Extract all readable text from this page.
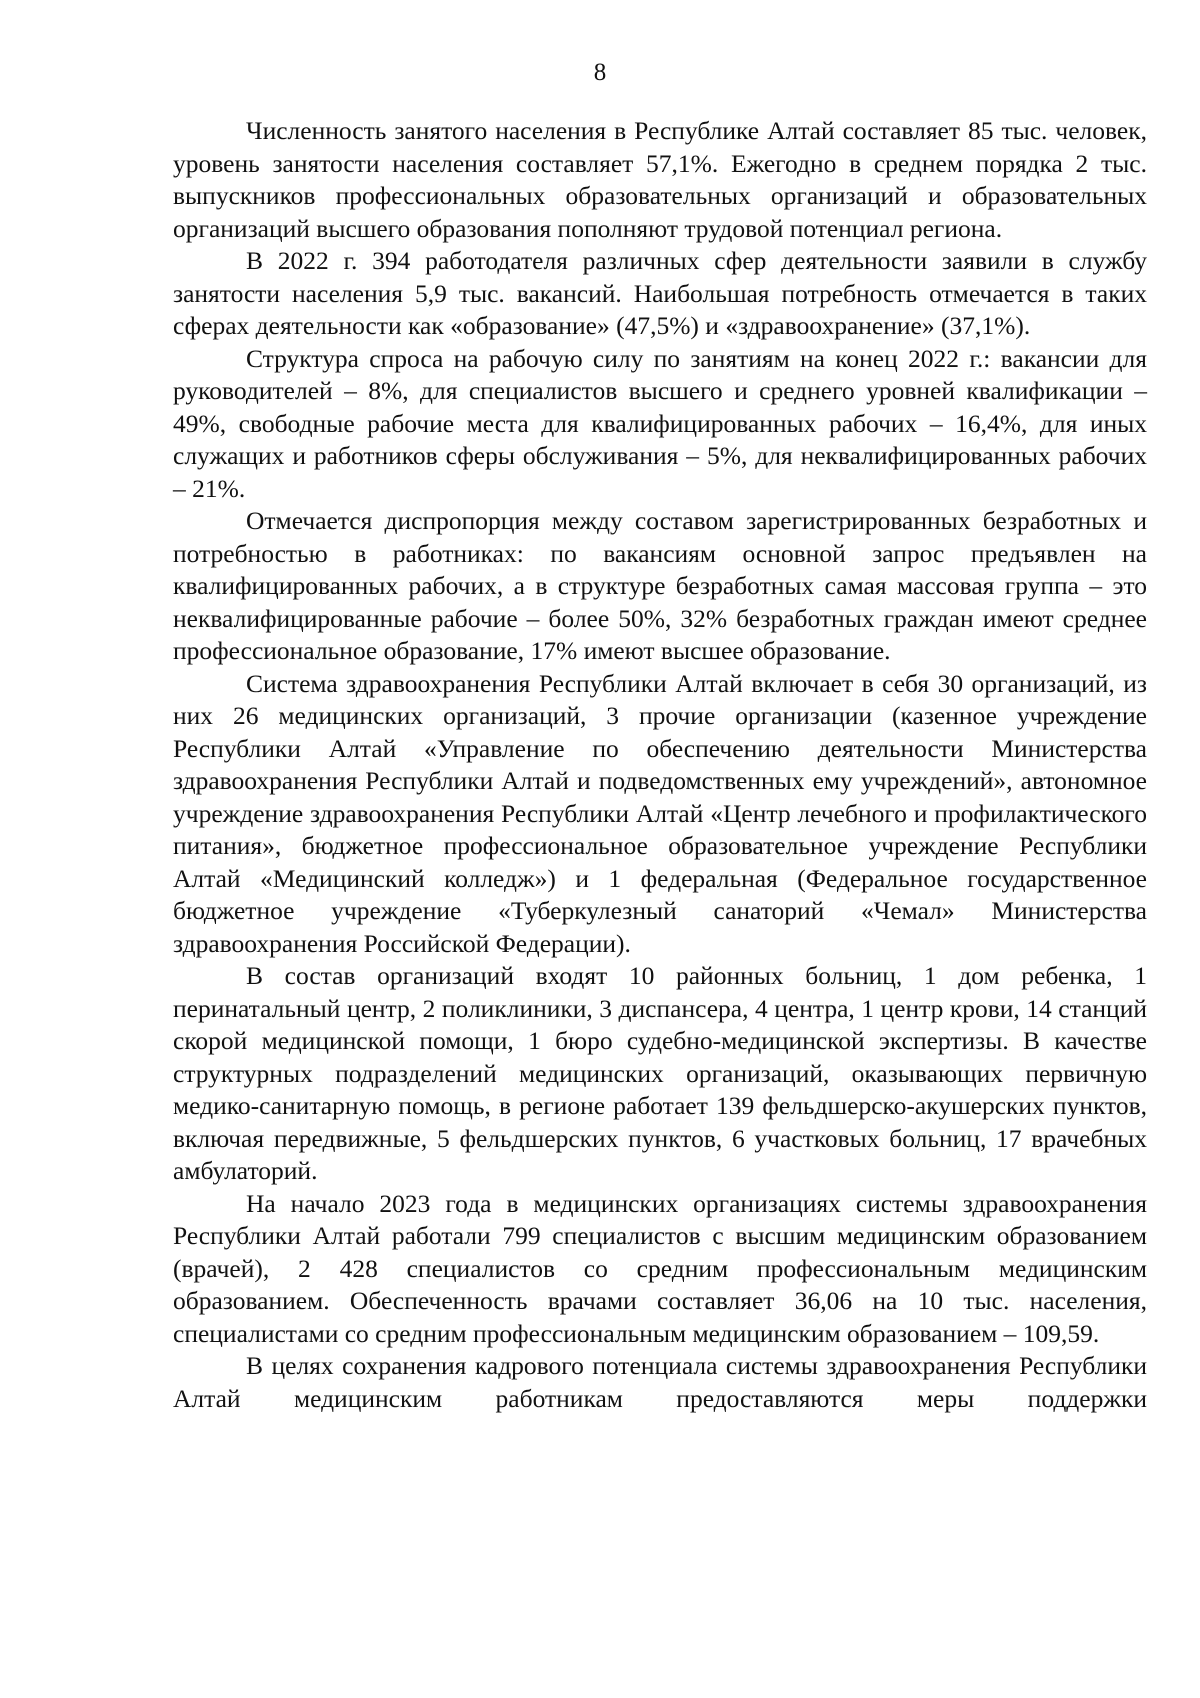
8

Численность занятого населения в Республике Алтай составляет 85 тыс. человек, уровень занятости населения составляет 57,1%. Ежегодно в среднем порядка 2 тыс. выпускников профессиональных образовательных организаций и образовательных организаций высшего образования пополняют трудовой потенциал региона.

В 2022 г. 394 работодателя различных сфер деятельности заявили в службу занятости населения 5,9 тыс. вакансий. Наибольшая потребность отмечается в таких сферах деятельности как «образование» (47,5%) и «здравоохранение» (37,1%).

Структура спроса на рабочую силу по занятиям на конец 2022 г.: вакансии для руководителей – 8%, для специалистов высшего и среднего уровней квалификации – 49%, свободные рабочие места для квалифицированных рабочих – 16,4%, для иных служащих и работников сферы обслуживания – 5%, для неквалифицированных рабочих – 21%.

Отмечается диспропорция между составом зарегистрированных безработных и потребностью в работниках: по вакансиям основной запрос предъявлен на квалифицированных рабочих, а в структуре безработных самая массовая группа – это неквалифицированные рабочие – более 50%, 32% безработных граждан имеют среднее профессиональное образование, 17% имеют высшее образование.

Система здравоохранения Республики Алтай включает в себя 30 организаций, из них 26 медицинских организаций, 3 прочие организации (казенное учреждение Республики Алтай «Управление по обеспечению деятельности Министерства здравоохранения Республики Алтай и подведомственных ему учреждений», автономное учреждение здравоохранения Республики Алтай «Центр лечебного и профилактического питания», бюджетное профессиональное образовательное учреждение Республики Алтай «Медицинский колледж») и 1 федеральная (Федеральное государственное бюджетное учреждение «Туберкулезный санаторий «Чемал» Министерства здравоохранения Российской Федерации).

В состав организаций входят 10 районных больниц, 1 дом ребенка, 1 перинатальный центр, 2 поликлиники, 3 диспансера, 4 центра, 1 центр крови, 14 станций скорой медицинской помощи, 1 бюро судебно-медицинской экспертизы. В качестве структурных подразделений медицинских организаций, оказывающих первичную медико-санитарную помощь, в регионе работает 139 фельдшерско-акушерских пунктов, включая передвижные, 5 фельдшерских пунктов, 6 участковых больниц, 17 врачебных амбулаторий.

На начало 2023 года в медицинских организациях системы здравоохранения Республики Алтай работали 799 специалистов с высшим медицинским образованием (врачей), 2 428 специалистов со средним профессиональным медицинским образованием. Обеспеченность врачами составляет 36,06 на 10 тыс. населения, специалистами со средним профессиональным медицинским образованием – 109,59.

В целях сохранения кадрового потенциала системы здравоохранения Республики Алтай медицинским работникам предоставляются меры поддержки
